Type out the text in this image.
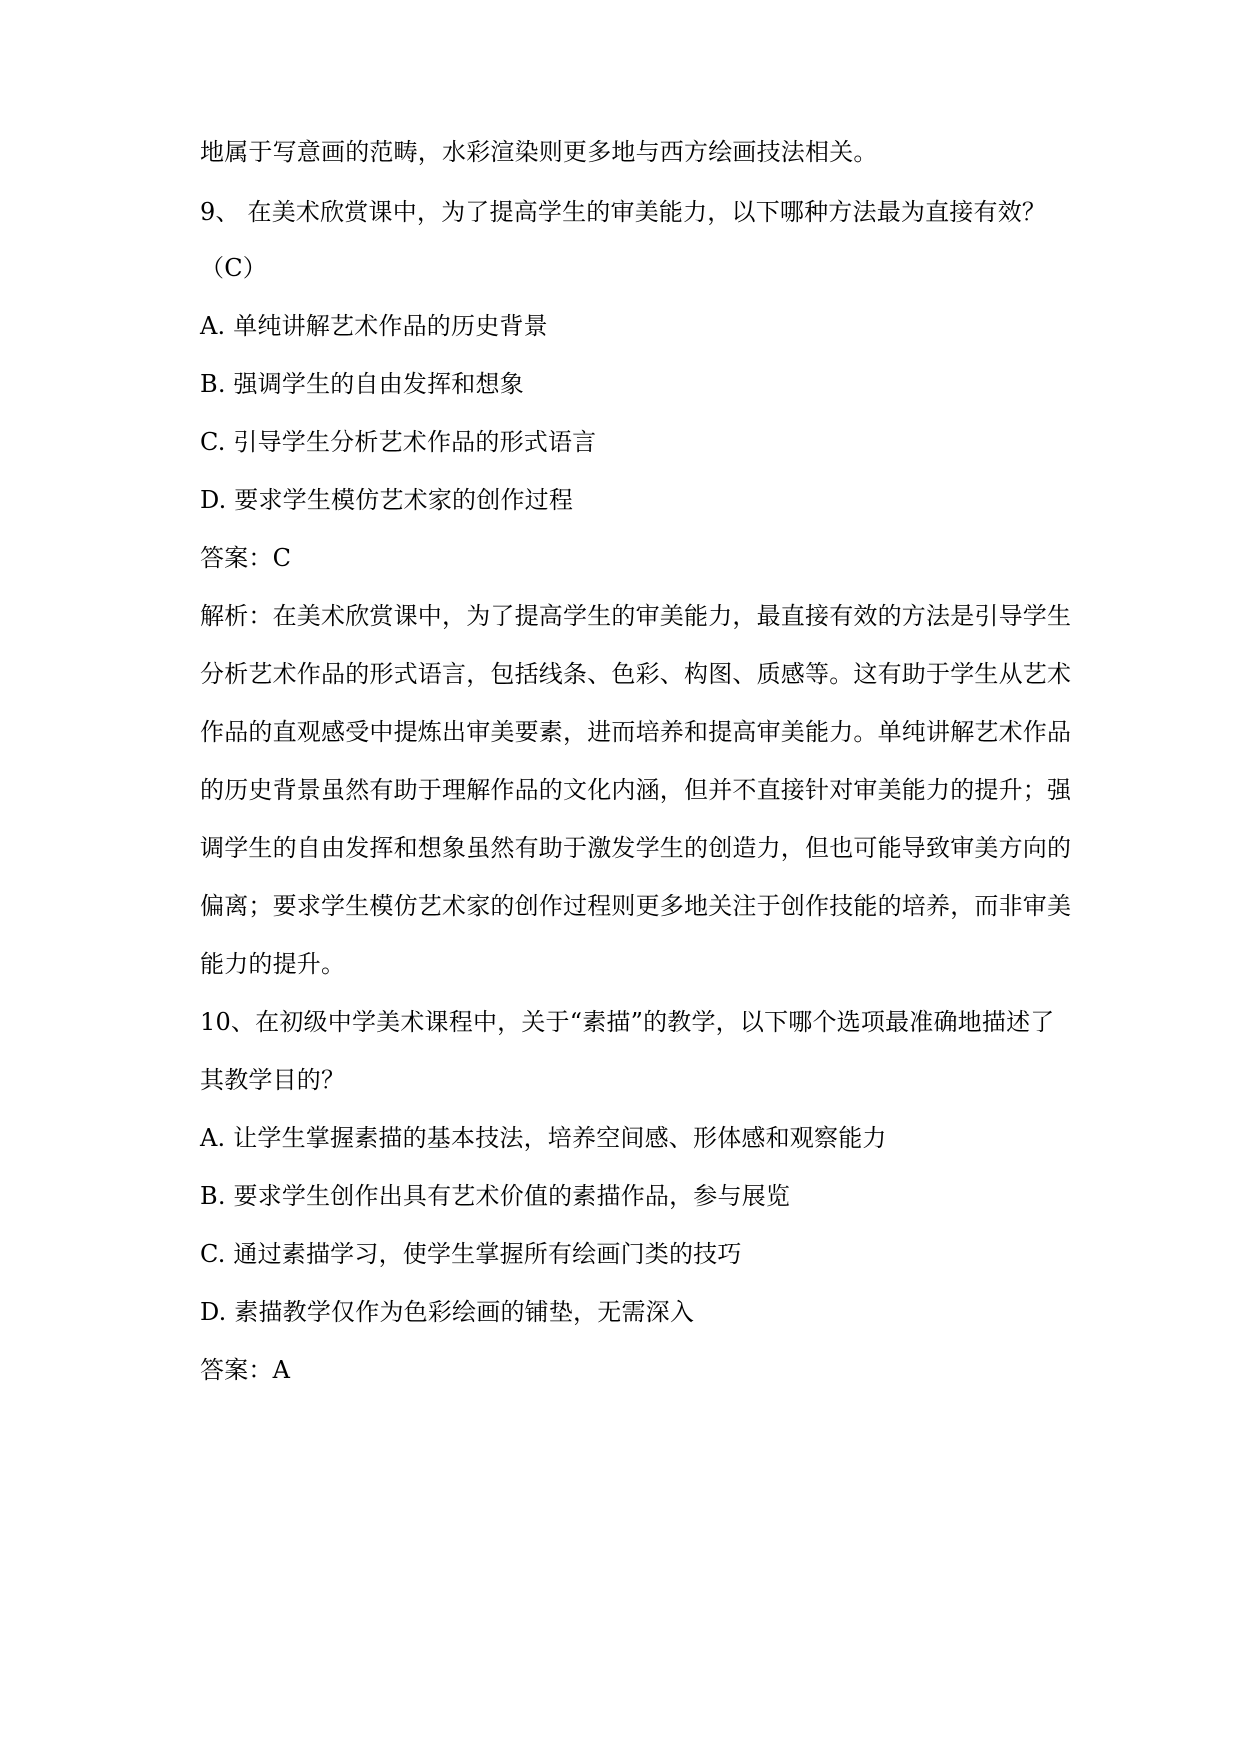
地属于写意画的范畴，水彩渲染则更多地与西方绘画技法相关。
9、 在美术欣赏课中，为了提高学生的审美能力，以下哪种方法最为直接有效？
（C）
A. 单纯讲解艺术作品的历史背景
B. 强调学生的自由发挥和想象
C. 引导学生分析艺术作品的形式语言
D. 要求学生模仿艺术家的创作过程
答案：C
解析：在美术欣赏课中，为了提高学生的审美能力，最直接有效的方法是引导学生
分析艺术作品的形式语言，包括线条、色彩、构图、质感等。这有助于学生从艺术
作品的直观感受中提炼出审美要素，进而培养和提高审美能力。单纯讲解艺术作品
的历史背景虽然有助于理解作品的文化内涵，但并不直接针对审美能力的提升；强
调学生的自由发挥和想象虽然有助于激发学生的创造力，但也可能导致审美方向的
偏离；要求学生模仿艺术家的创作过程则更多地关注于创作技能的培养，而非审美
能力的提升。
10、在初级中学美术课程中，关于“素描”的教学，以下哪个选项最准确地描述了
其教学目的？
A. 让学生掌握素描的基本技法，培养空间感、形体感和观察能力
B. 要求学生创作出具有艺术价值的素描作品，参与展览
C. 通过素描学习，使学生掌握所有绘画门类的技巧
D. 素描教学仅作为色彩绘画的铺垫，无需深入
答案：A
